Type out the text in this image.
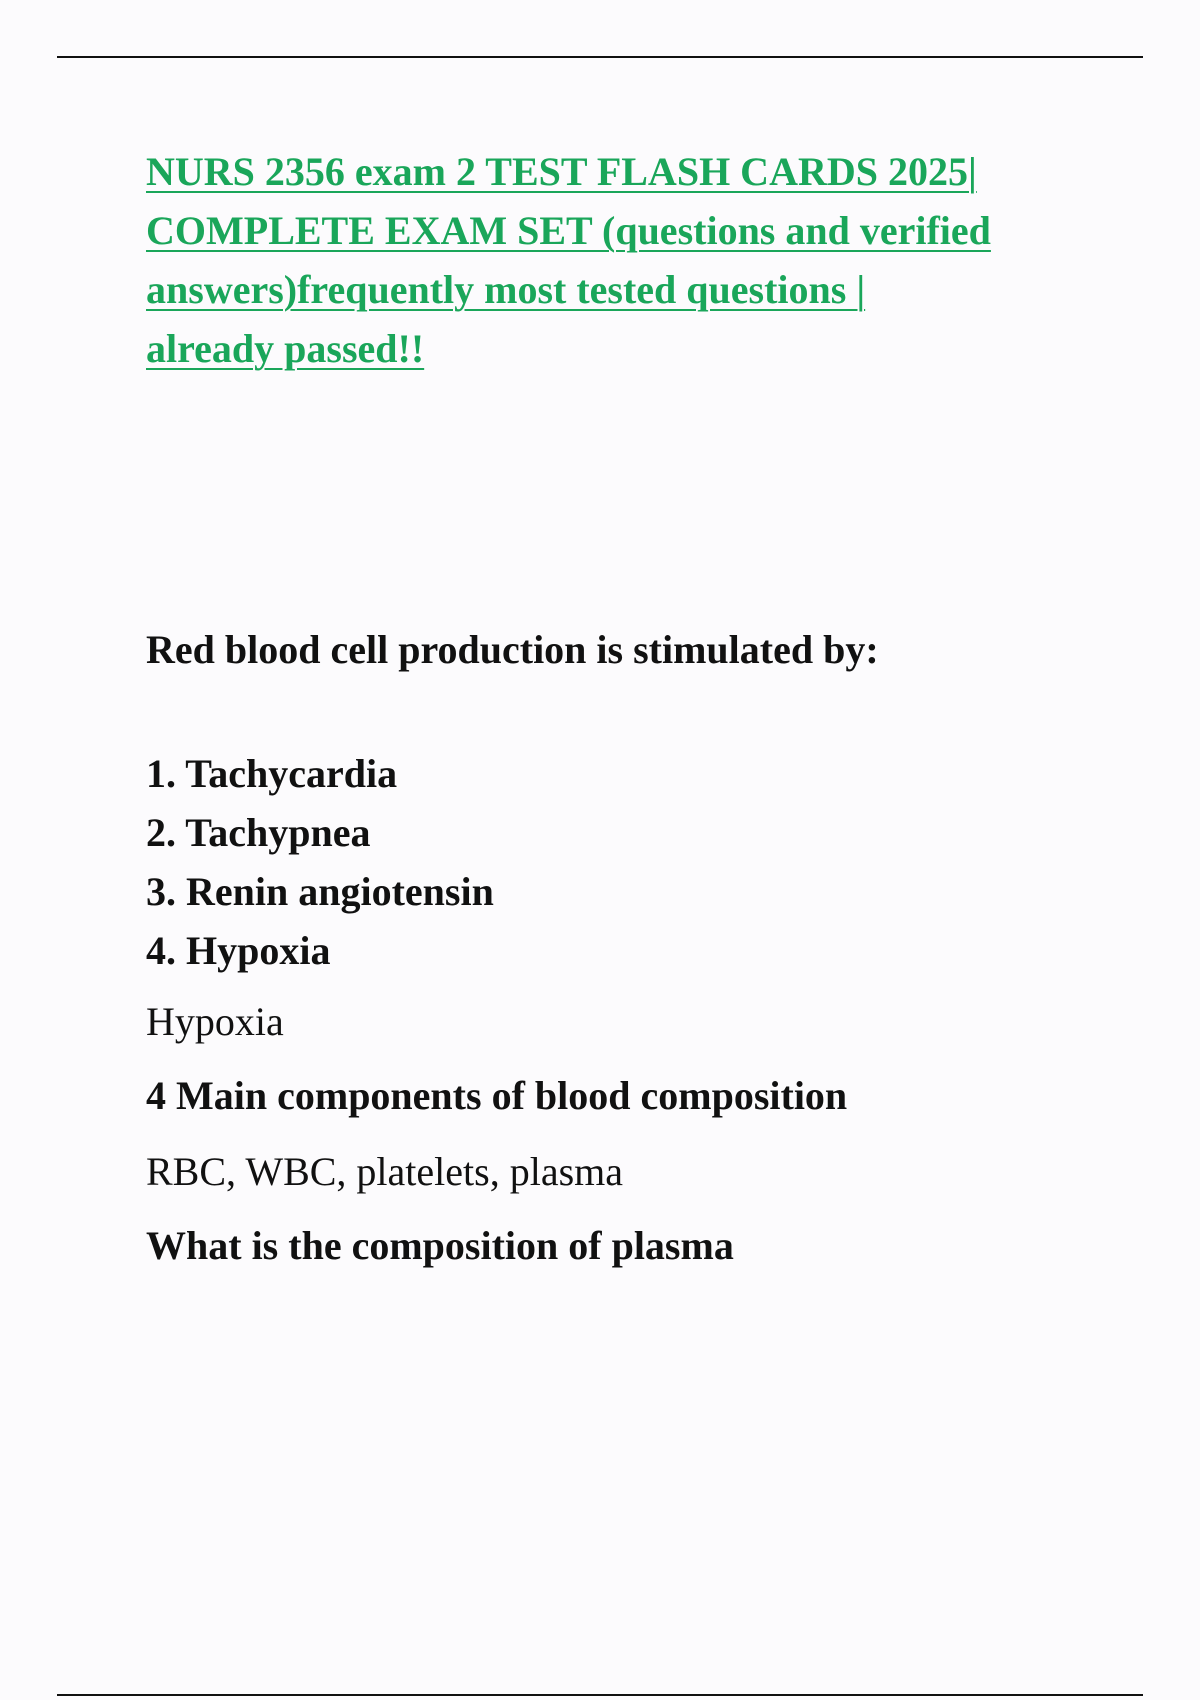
NURS 2356 exam 2 TEST FLASH CARDS 2025|
COMPLETE EXAM SET (questions and verified
answers)frequently most tested questions |
already passed!!

Red blood cell production is stimulated by:

1. Tachycardia
2. Tachypnea
3. Renin angiotensin
4. Hypoxia

Hypoxia

4 Main components of blood composition

RBC, WBC, platelets, plasma

What is the composition of plasma
